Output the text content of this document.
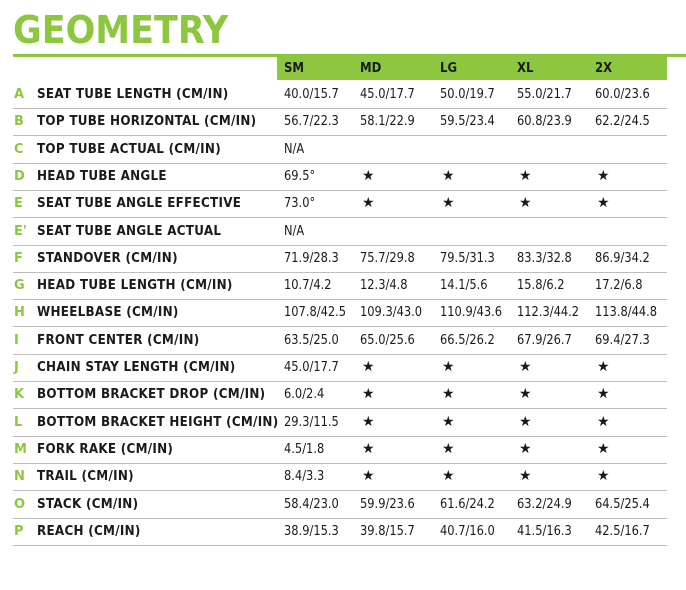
GEOMETRY
SM	MD	LG	XL	2X
A SEAT TUBE LENGTH (CM/IN)	40.0/15.7 45.0/17.7 50.0/19.7 55.0/21.7 60.0/23.6
B TOP TUBE HORIZONTAL (CM/IN) 56.7/22.3 58.1/22.9 59.5/23.4 60.8/23.9 62.2/24.5
C TOP TUBE ACTUAL (CM/IN)	N/A
D HEAD TUBE ANGLE	69.5°	★	★	★	★
E SEAT TUBE ANGLE EFFECTIVE	73.0°	★	★	★	★
E' SEAT TUBE ANGLE ACTUAL	N/A
F STANDOVER (CM/IN)	71.9/28.3 75.7/29.8 79.5/31.3 83.3/32.8 86.9/34.2
G HEAD TUBE LENGTH (CM/IN)	10.7/4.2 12.3/4.8 14.1/5.6 15.8/6.2 17.2/6.8
H WHEELBASE (CM/IN)	107.8/42.5 109.3/43.0 110.9/43.6 112.3/44.2 113.8/44.8
I FRONT CENTER (CM/IN)	63.5/25.0 65.0/25.6 66.5/26.2 67.9/26.7 69.4/27.3
J CHAIN STAY LENGTH (CM/IN)	45.0/17.7 ★	★	★	★
K BOTTOM BRACKET DROP (CM/IN) 6.0/2.4	★	★	★	★
L BOTTOM BRACKET HEIGHT (CM/IN) 29.3/11.5 ★	★	★	★
M FORK RAKE (CM/IN)	4.5/1.8	★	★	★	★
N TRAIL (CM/IN)	8.4/3.3	★	★	★	★
O STACK (CM/IN)	58.4/23.0 59.9/23.6 61.6/24.2 63.2/24.9 64.5/25.4
P REACH (CM/IN)	38.9/15.3 39.8/15.7 40.7/16.0 41.5/16.3 42.5/16.7
